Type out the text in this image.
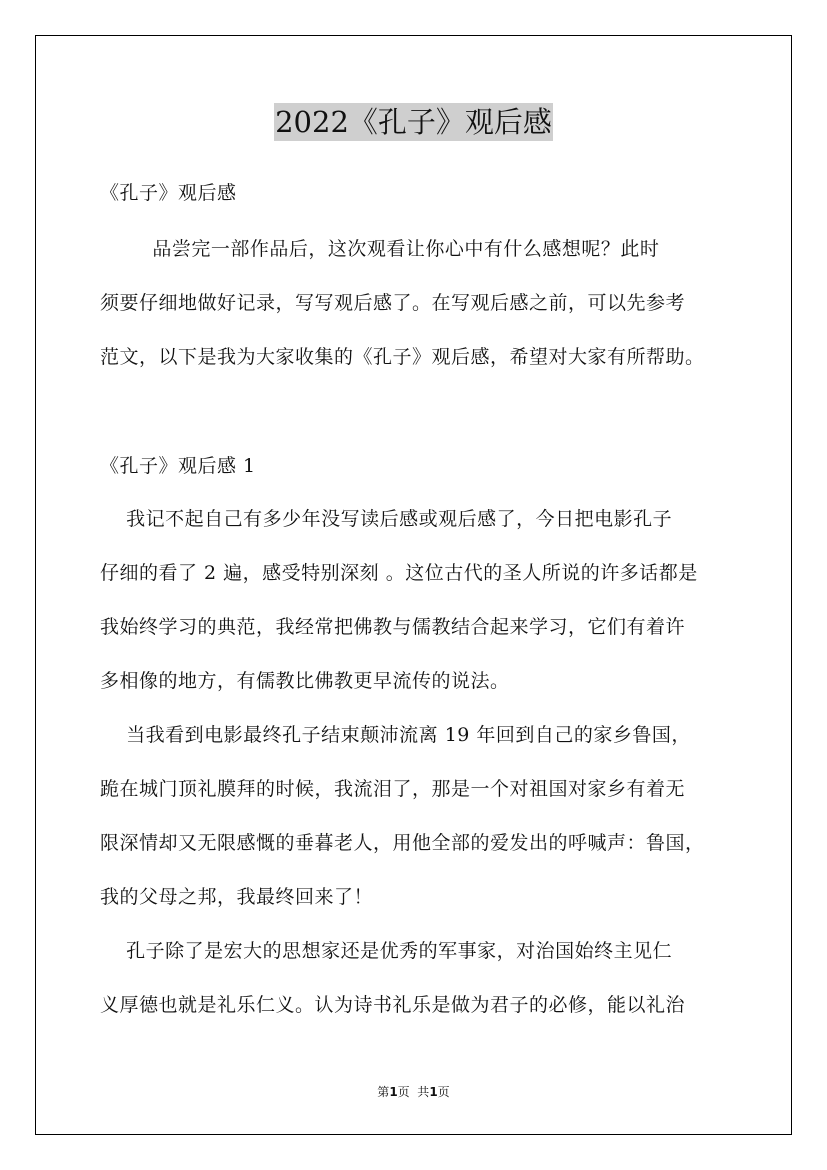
2022《孔子》观后感
《孔子》观后感
品尝完一部作品后，这次观看让你心中有什么感想呢？此时
须要仔细地做好记录，写写观后感了。在写观后感之前，可以先参考
范文，以下是我为大家收集的《孔子》观后感，希望对大家有所帮助。
《孔子》观后感 1
我记不起自己有多少年没写读后感或观后感了，今日把电影孔子
仔细的看了 2 遍，感受特别深刻 。这位古代的圣人所说的许多话都是
我始终学习的典范，我经常把佛教与儒教结合起来学习，它们有着许
多相像的地方，有儒教比佛教更早流传的说法。
当我看到电影最终孔子结束颠沛流离 19 年回到自己的家乡鲁国，
跪在城门顶礼膜拜的时候，我流泪了，那是一个对祖国对家乡有着无
限深情却又无限感慨的垂暮老人，用他全部的爱发出的呼喊声：鲁国，
我的父母之邦，我最终回来了！
孔子除了是宏大的思想家还是优秀的军事家，对治国始终主见仁
义厚德也就是礼乐仁义。认为诗书礼乐是做为君子的必修，能以礼治
第1页  共1页
